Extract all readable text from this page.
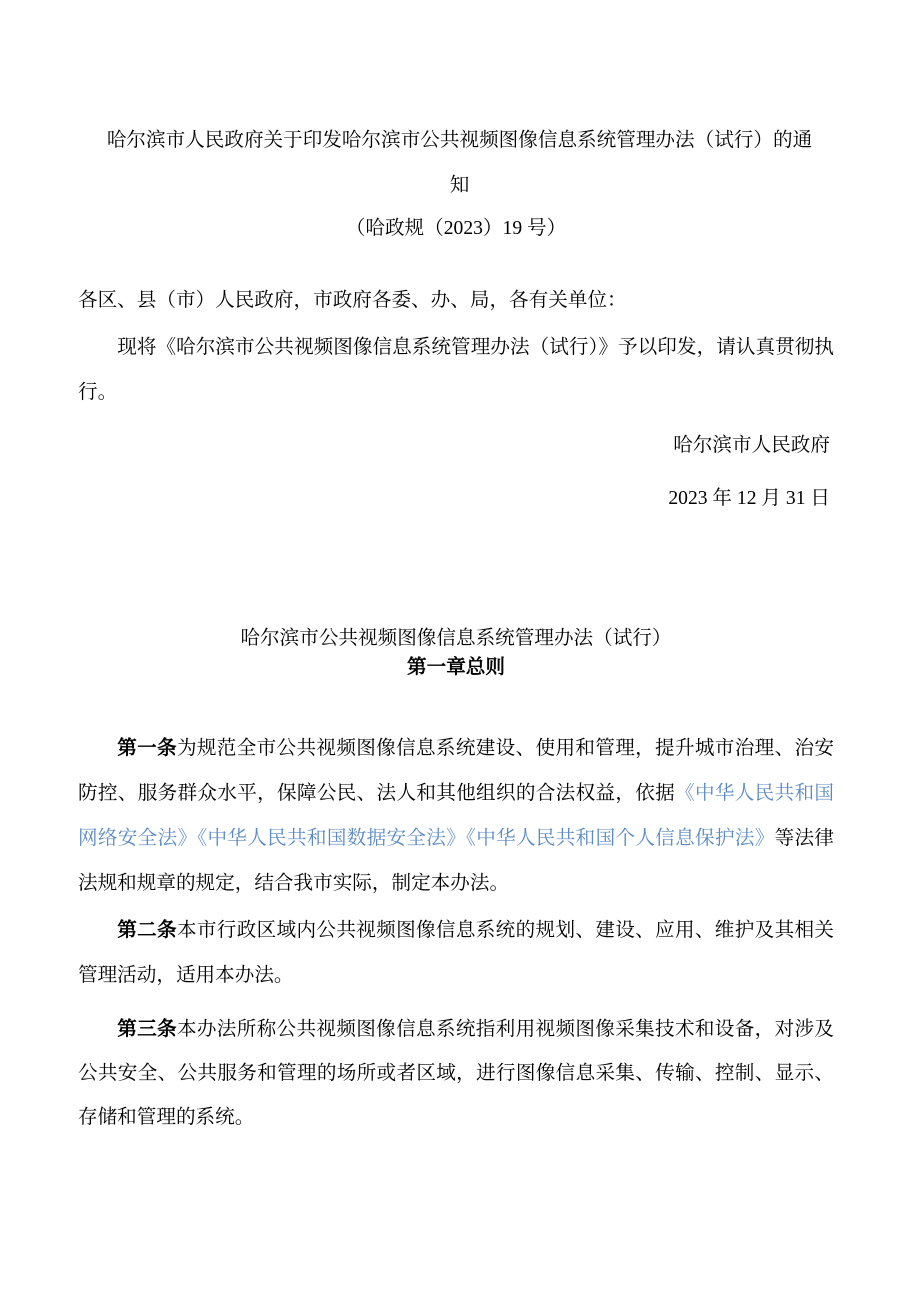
哈尔滨市人民政府关于印发哈尔滨市公共视频图像信息系统管理办法（试行）的通知
（哈政规（2023）19 号）

各区、县（市）人民政府，市政府各委、办、局，各有关单位：

现将《哈尔滨市公共视频图像信息系统管理办法（试行）》予以印发，请认真贯彻执行。

哈尔滨市人民政府
2023 年 12 月 31 日
哈尔滨市公共视频图像信息系统管理办法（试行）
第一章总则

第一条为规范全市公共视频图像信息系统建设、使用和管理，提升城市治理、治安防控、服务群众水平，保障公民、法人和其他组织的合法权益，依据《中华人民共和国网络安全法》《中华人民共和国数据安全法》《中华人民共和国个人信息保护法》等法律法规和规章的规定，结合我市实际，制定本办法。

第二条本市行政区域内公共视频图像信息系统的规划、建设、应用、维护及其相关管理活动，适用本办法。

第三条本办法所称公共视频图像信息系统指利用视频图像采集技术和设备，对涉及公共安全、公共服务和管理的场所或者区域，进行图像信息采集、传输、控制、显示、存储和管理的系统。
